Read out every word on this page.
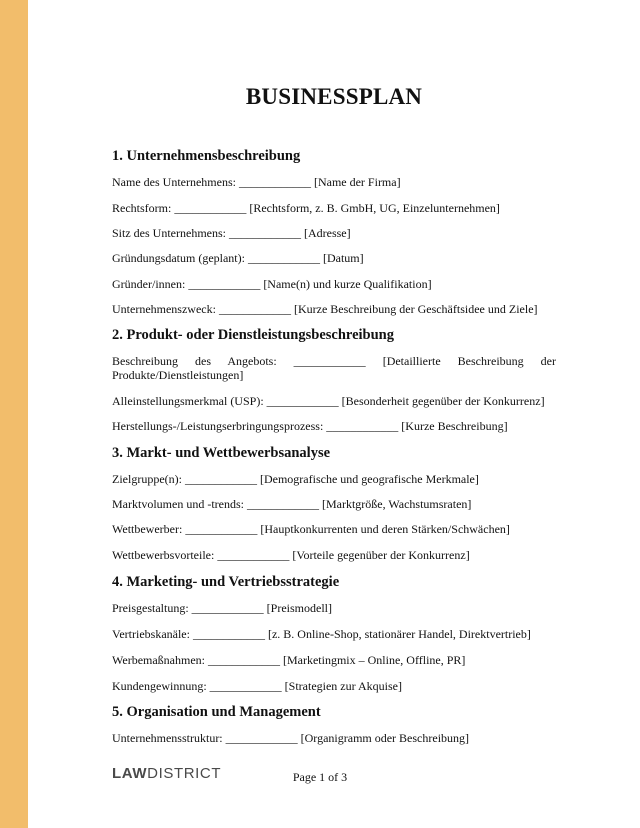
BUSINESSPLAN
1. Unternehmensbeschreibung
Name des Unternehmens: ____________ [Name der Firma]
Rechtsform: ____________ [Rechtsform, z. B. GmbH, UG, Einzelunternehmen]
Sitz des Unternehmens: ____________ [Adresse]
Gründungsdatum (geplant): ____________ [Datum]
Gründer/innen: ____________ [Name(n) und kurze Qualifikation]
Unternehmenszweck: ____________ [Kurze Beschreibung der Geschäftsidee und Ziele]
2. Produkt- oder Dienstleistungsbeschreibung
Beschreibung des Angebots: ____________ [Detaillierte Beschreibung der Produkte/Dienstleistungen]
Alleinstellungsmerkmal (USP): ____________ [Besonderheit gegenüber der Konkurrenz]
Herstellungs-/Leistungserbringungsprozess: ____________ [Kurze Beschreibung]
3. Markt- und Wettbewerbsanalyse
Zielgruppe(n): ____________ [Demografische und geografische Merkmale]
Marktvolumen und -trends: ____________ [Marktgröße, Wachstumsraten]
Wettbewerber: ____________ [Hauptkonkurrenten und deren Stärken/Schwächen]
Wettbewerbsvorteile: ____________ [Vorteile gegenüber der Konkurrenz]
4. Marketing- und Vertriebsstrategie
Preisgestaltung: ____________ [Preismodell]
Vertriebskanäle: ____________ [z. B. Online-Shop, stationärer Handel, Direktvertrieb]
Werbemaßnahmen: ____________ [Marketingmix – Online, Offline, PR]
Kundengewinnung: ____________ [Strategien zur Akquise]
5. Organisation und Management
Unternehmensstruktur: ____________ [Organigramm oder Beschreibung]
LAWDISTRICT	Page 1 of 3
